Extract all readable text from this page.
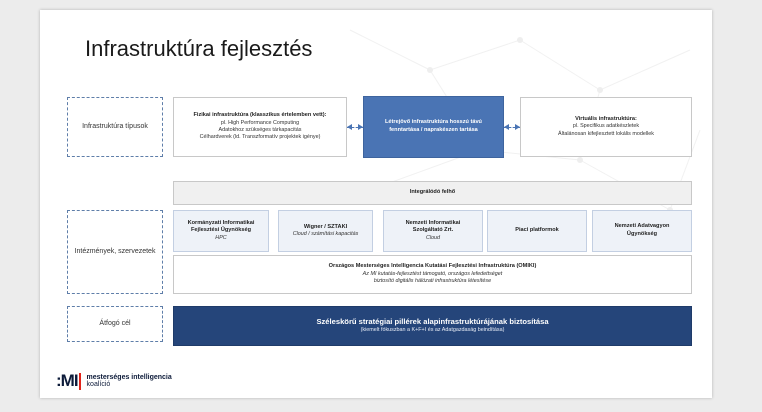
Infrastruktúra fejlesztés
Infrastruktúra típusok
Intézmények, szervezetek
Átfogó cél
Fizikai infrastruktúra (klasszikus értelemben vett):
pl. High Performance Computing
Adatokhoz szükséges tárkapacitás
Célhardverek (ld. Transzformatív projektek igénye)
Létrejövő infrastruktúra hosszú távú fenntartása / naprakészen tartása
Virtuális infrastruktúra:
pl. Specifikus adatkészletek
Általánosan kifejlesztett lokális modellek
Integrálódó felhő
Kormányzati Informatikai Fejlesztési Ügynökség
HPC
Wigner / SZTAKI
Cloud / számítási kapacitás
Nemzeti Informatikai Szolgáltató Zrt.
Cloud
Piaci platformok
Nemzeti Adatvagyon Ügynökség
Országos Mesterséges Intelligencia Kutatási Fejlesztési Infrastruktúra (OMIKI)
Az MI kutatás-fejlesztést támogató, országos lefedettséget
biztosító digitális hálózati infrastruktúra létesítése
Széleskörű stratégiai pillérek alapinfrastruktúrájának biztosítása
(kiemelt fókuszban a K+F+I és az Adatgazdaság beindítása)
:MI mesterséges intelligencia
koalíció
